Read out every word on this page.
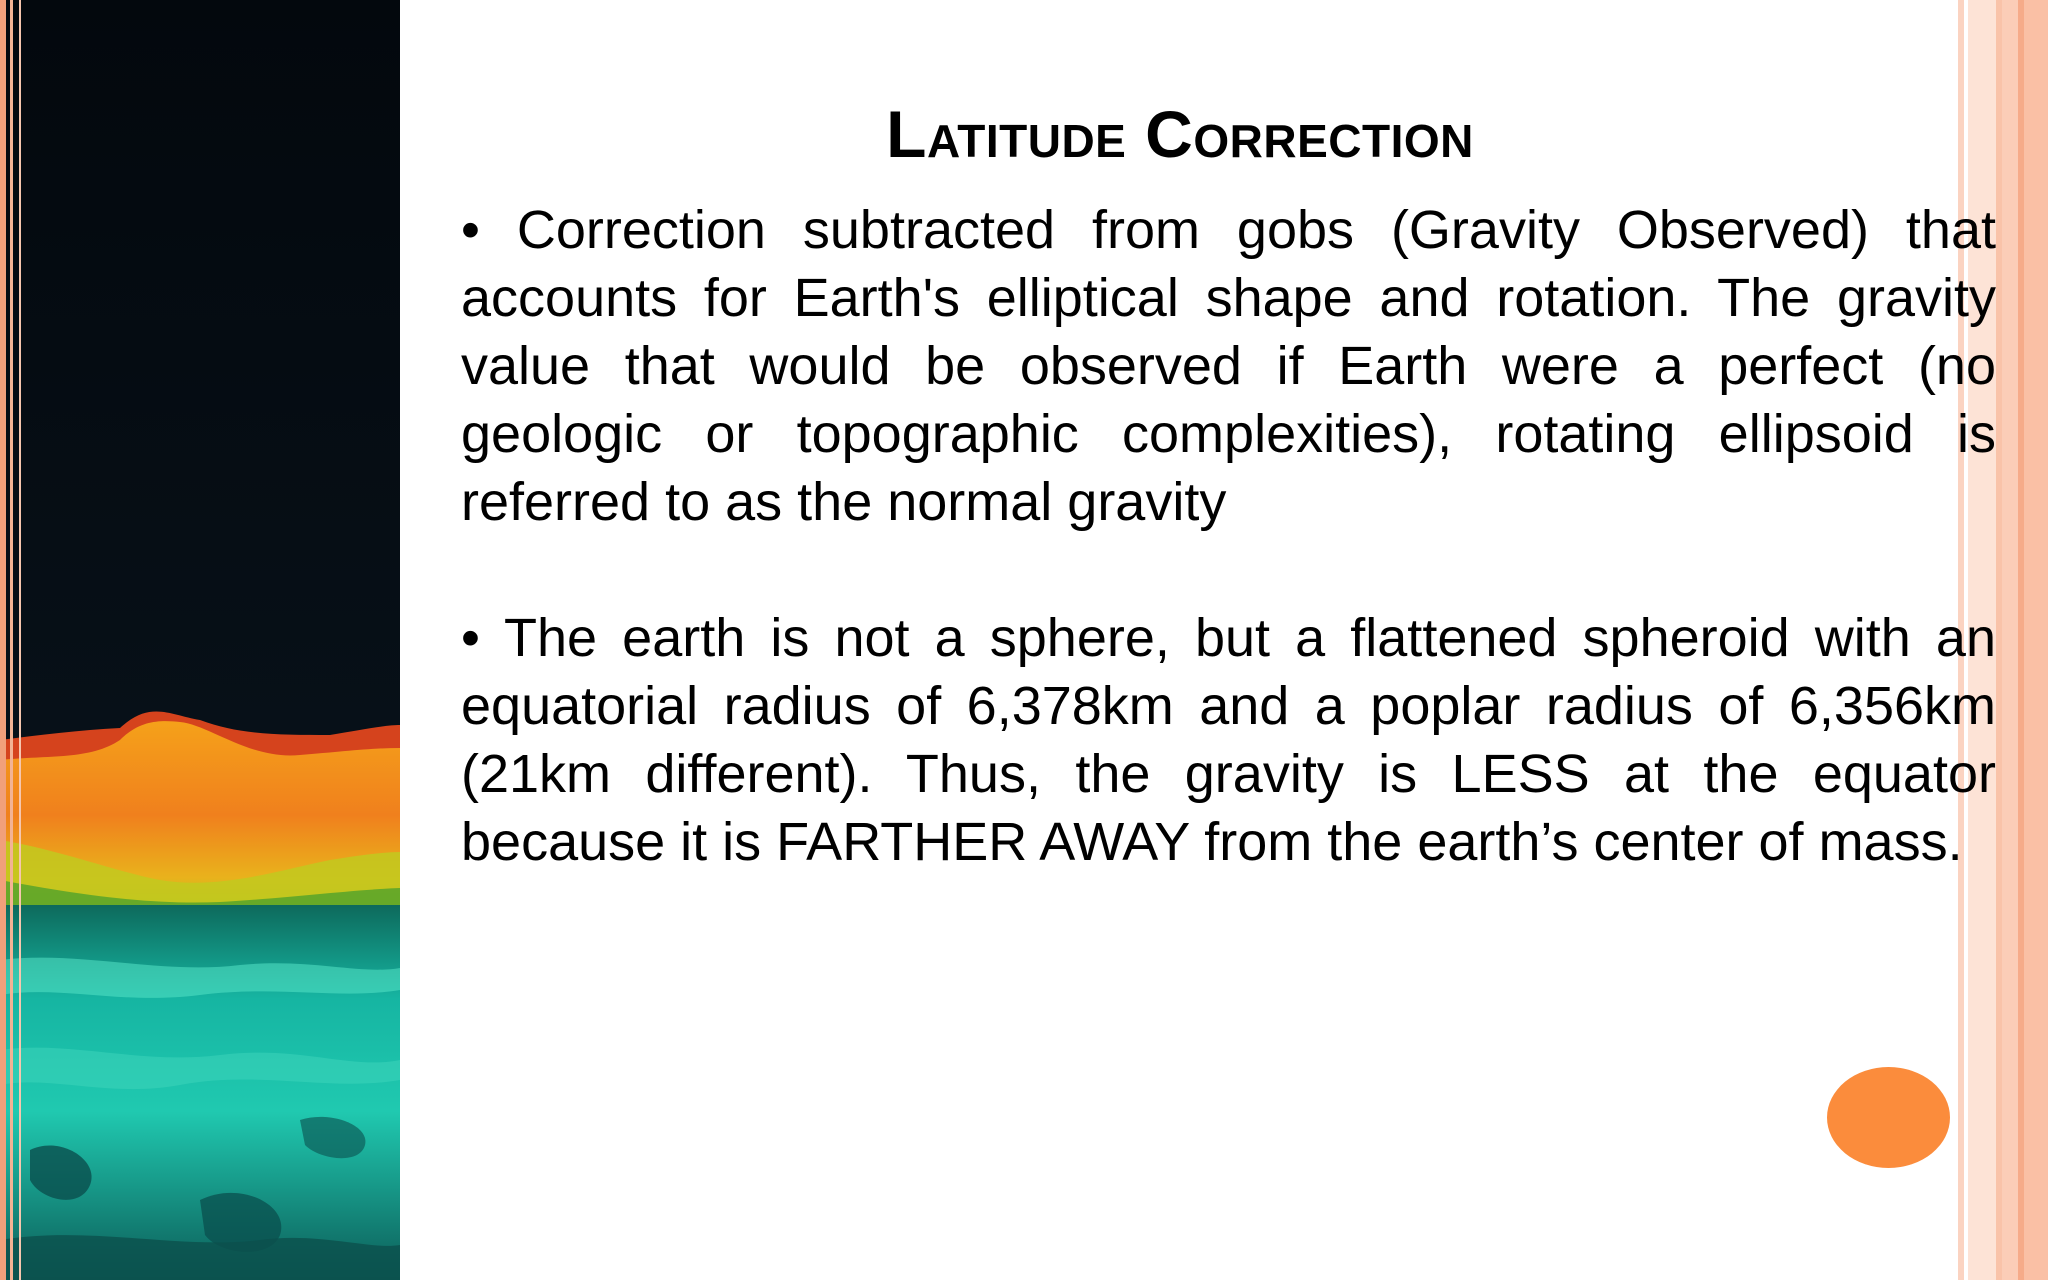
Latitude Correction

• Correction subtracted from gobs (Gravity Observed) that accounts for Earth's elliptical shape and rotation. The gravity value that would be observed if Earth were a perfect (no geologic or topographic complexities), rotating ellipsoid is referred to as the normal gravity

• The earth is not a sphere, but a flattened spheroid with an equatorial radius of 6,378km and a poplar radius of 6,356km (21km different). Thus, the gravity is LESS at the equator because it is FARTHER AWAY from the earth’s center of mass.
